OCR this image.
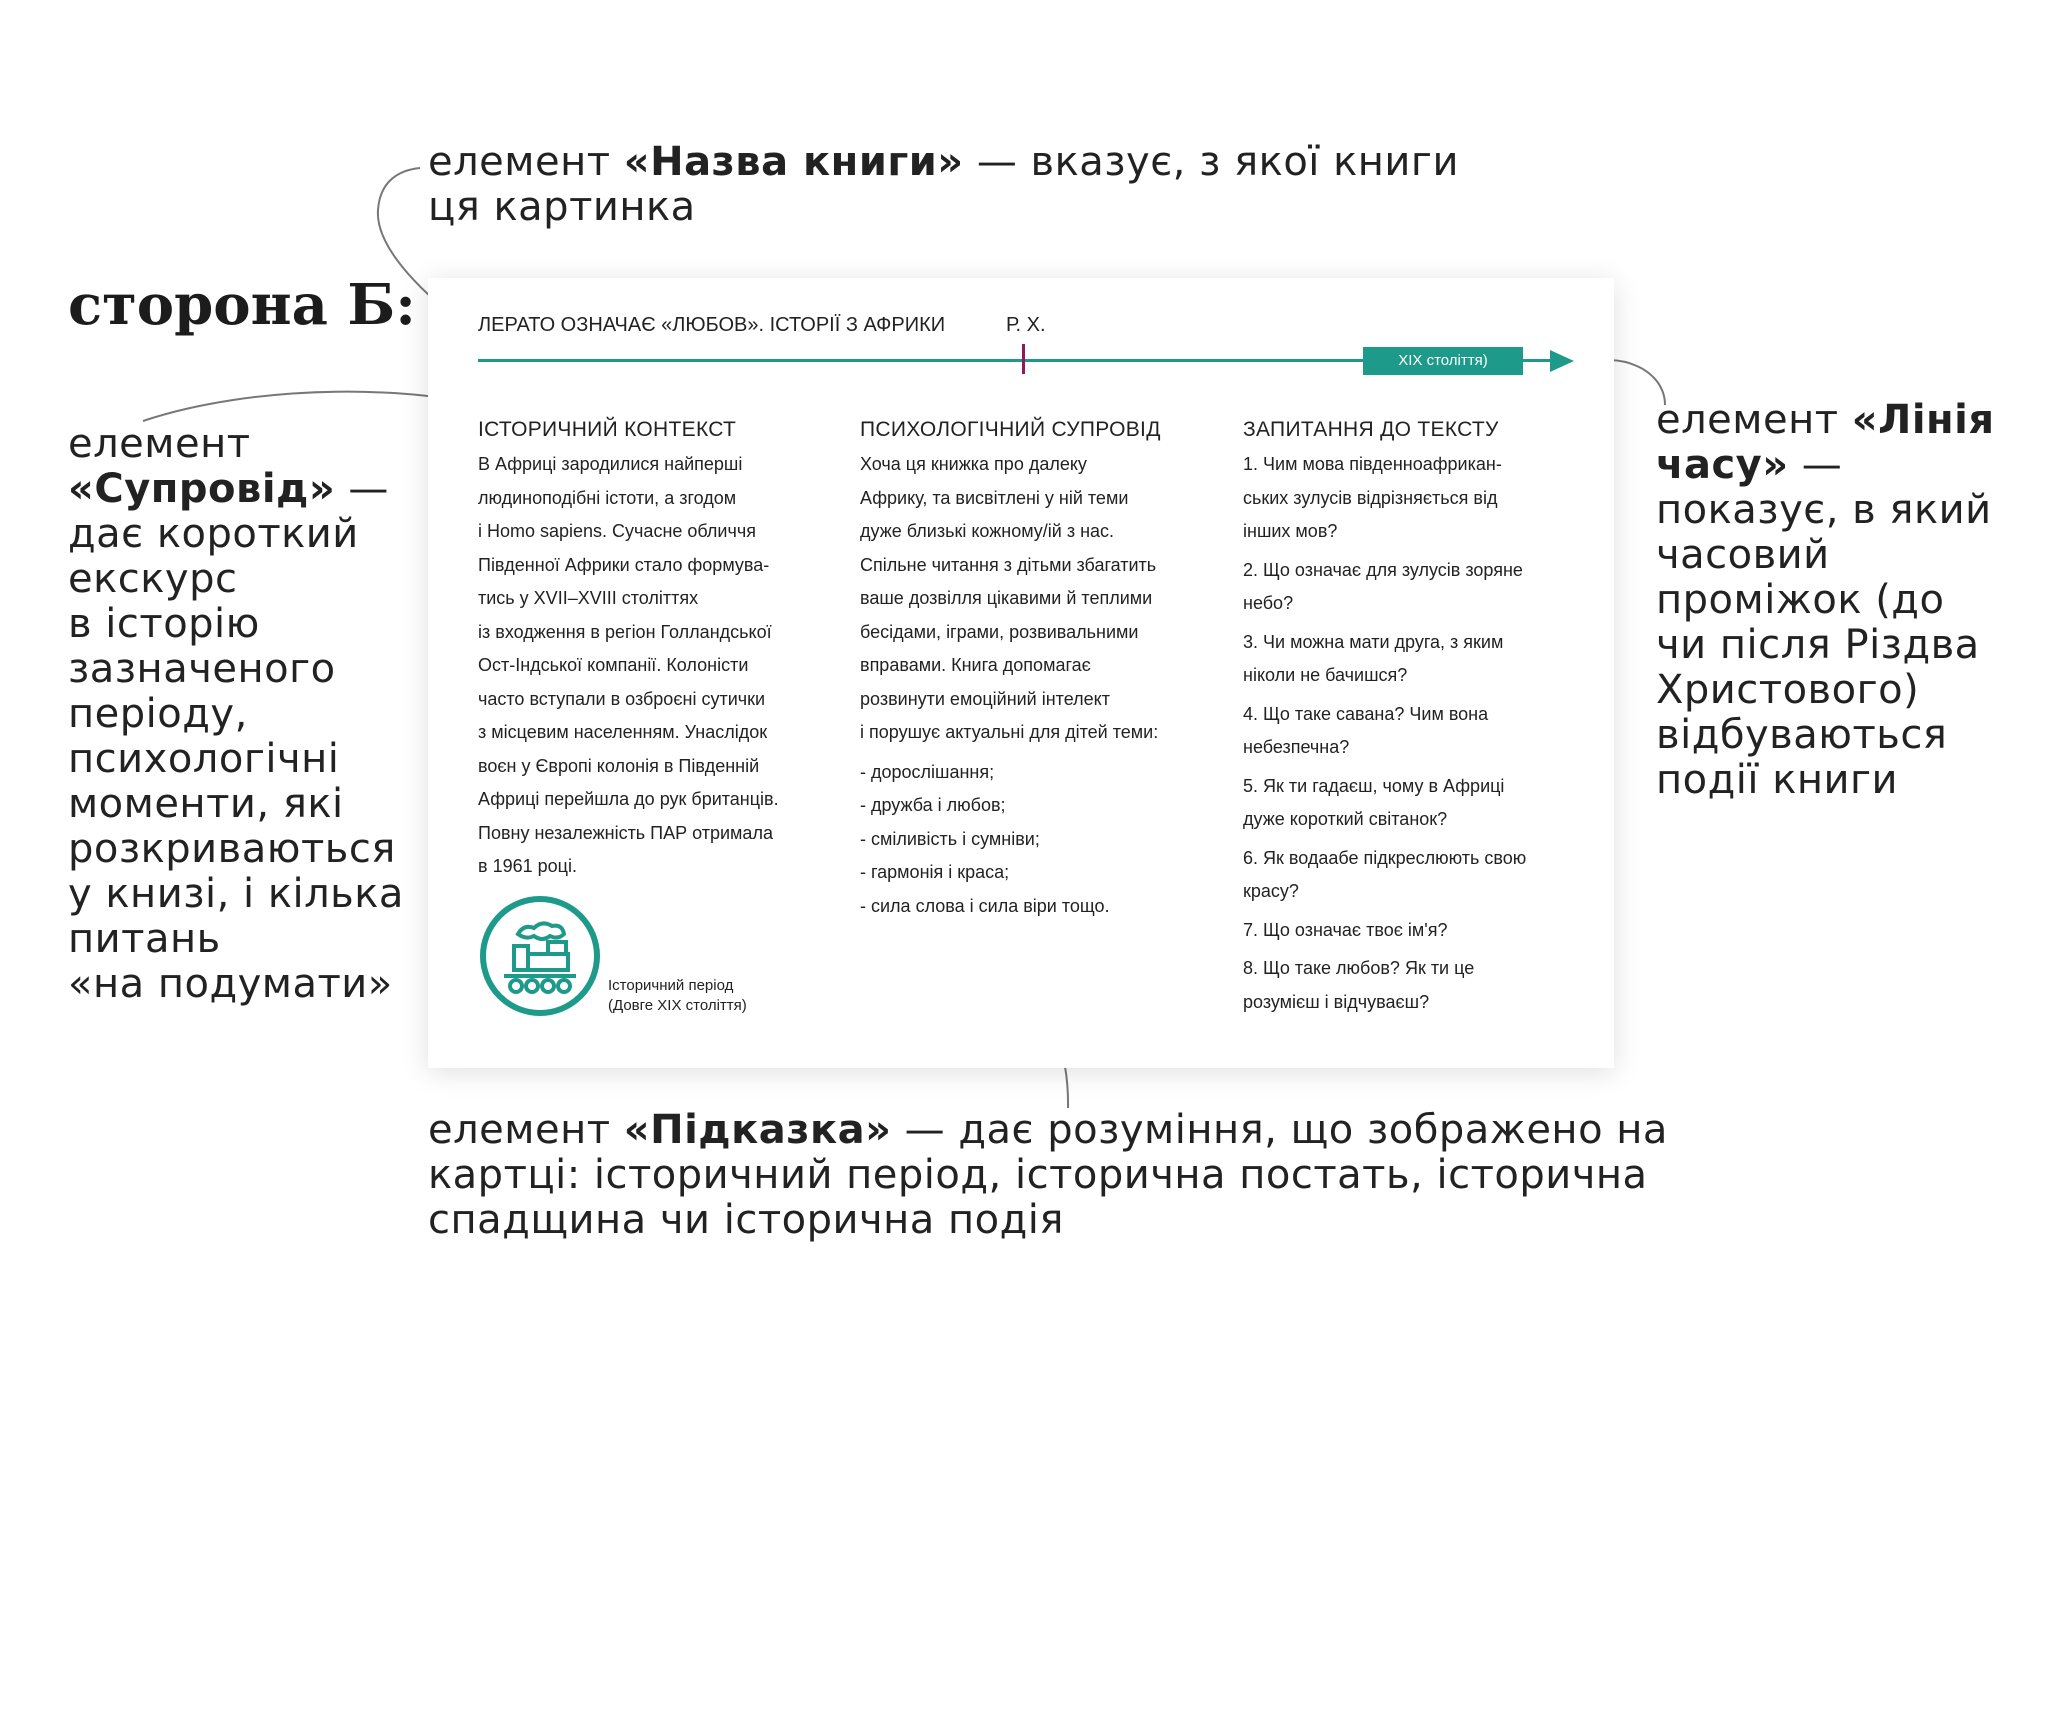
сторона Б:
елемент «Назва книги» — вказує, з якої книги
ця картинка
елемент
«Супровід» —
дає короткий
екскурс
в історію
зазначеного
періоду,
психологічні
моменти, які
розкриваються
у книзі, і кілька
питань
«на подумати»
елемент «Лінія
часу» —
показує, в який
часовий
проміжок (до
чи після Різдва
Христового)
відбуваються
події книги
елемент «Підказка» — дає розуміння, що зображено на
картці: історичний період, історична постать, історична
спадщина чи історична подія
ЛЕРАТО ОЗНАЧАЄ «ЛЮБОВ». ІСТОРІЇ З АФРИКИ	Р. Х.
ХІХ століття)
ІСТОРИЧНИЙ КОНТЕКСТ
В Африці зародилися найперші
людиноподібні істоти, а згодом
і Homo sapiens. Сучасне обличчя
Південної Африки стало формува-
тись у XVII–XVIII століттях
із входження в регіон Голландської
Ост-Індської компанії. Колоністи
часто вступали в озброєні сутички
з місцевим населенням. Унаслідок
воєн у Європі колонія в Південній
Африці перейшла до рук британців.
Повну незалежність ПАР отримала
в 1961 році.
ПСИХОЛОГІЧНИЙ СУПРОВІД
Хоча ця книжка про далеку
Африку, та висвітлені у ній теми
дуже близькі кожному/ій з нас.
Спільне читання з дітьми збагатить
ваше дозвілля цікавими й теплими
бесідами, іграми, розвивальними
вправами. Книга допомагає
розвинути емоційний інтелект
і порушує актуальні для дітей теми:
- дорослішання;
- дружба і любов;
- сміливість і сумніви;
- гармонія і краса;
- сила слова і сила віри тощо.
ЗАПИТАННЯ ДО ТЕКСТУ
1. Чим мова південноафрикан-
ських зулусів відрізняється від
інших мов?
2. Що означає для зулусів зоряне
небо?
3. Чи можна мати друга, з яким
ніколи не бачишся?
4. Що таке савана? Чим вона
небезпечна?
5. Як ти гадаєш, чому в Африці
дуже короткий світанок?
6. Як водаабе підкреслюють свою
красу?
7. Що означає твоє ім'я?
8. Що таке любов? Як ти це
розумієш і відчуваєш?
Історичний період
(Довге ХІХ століття)
